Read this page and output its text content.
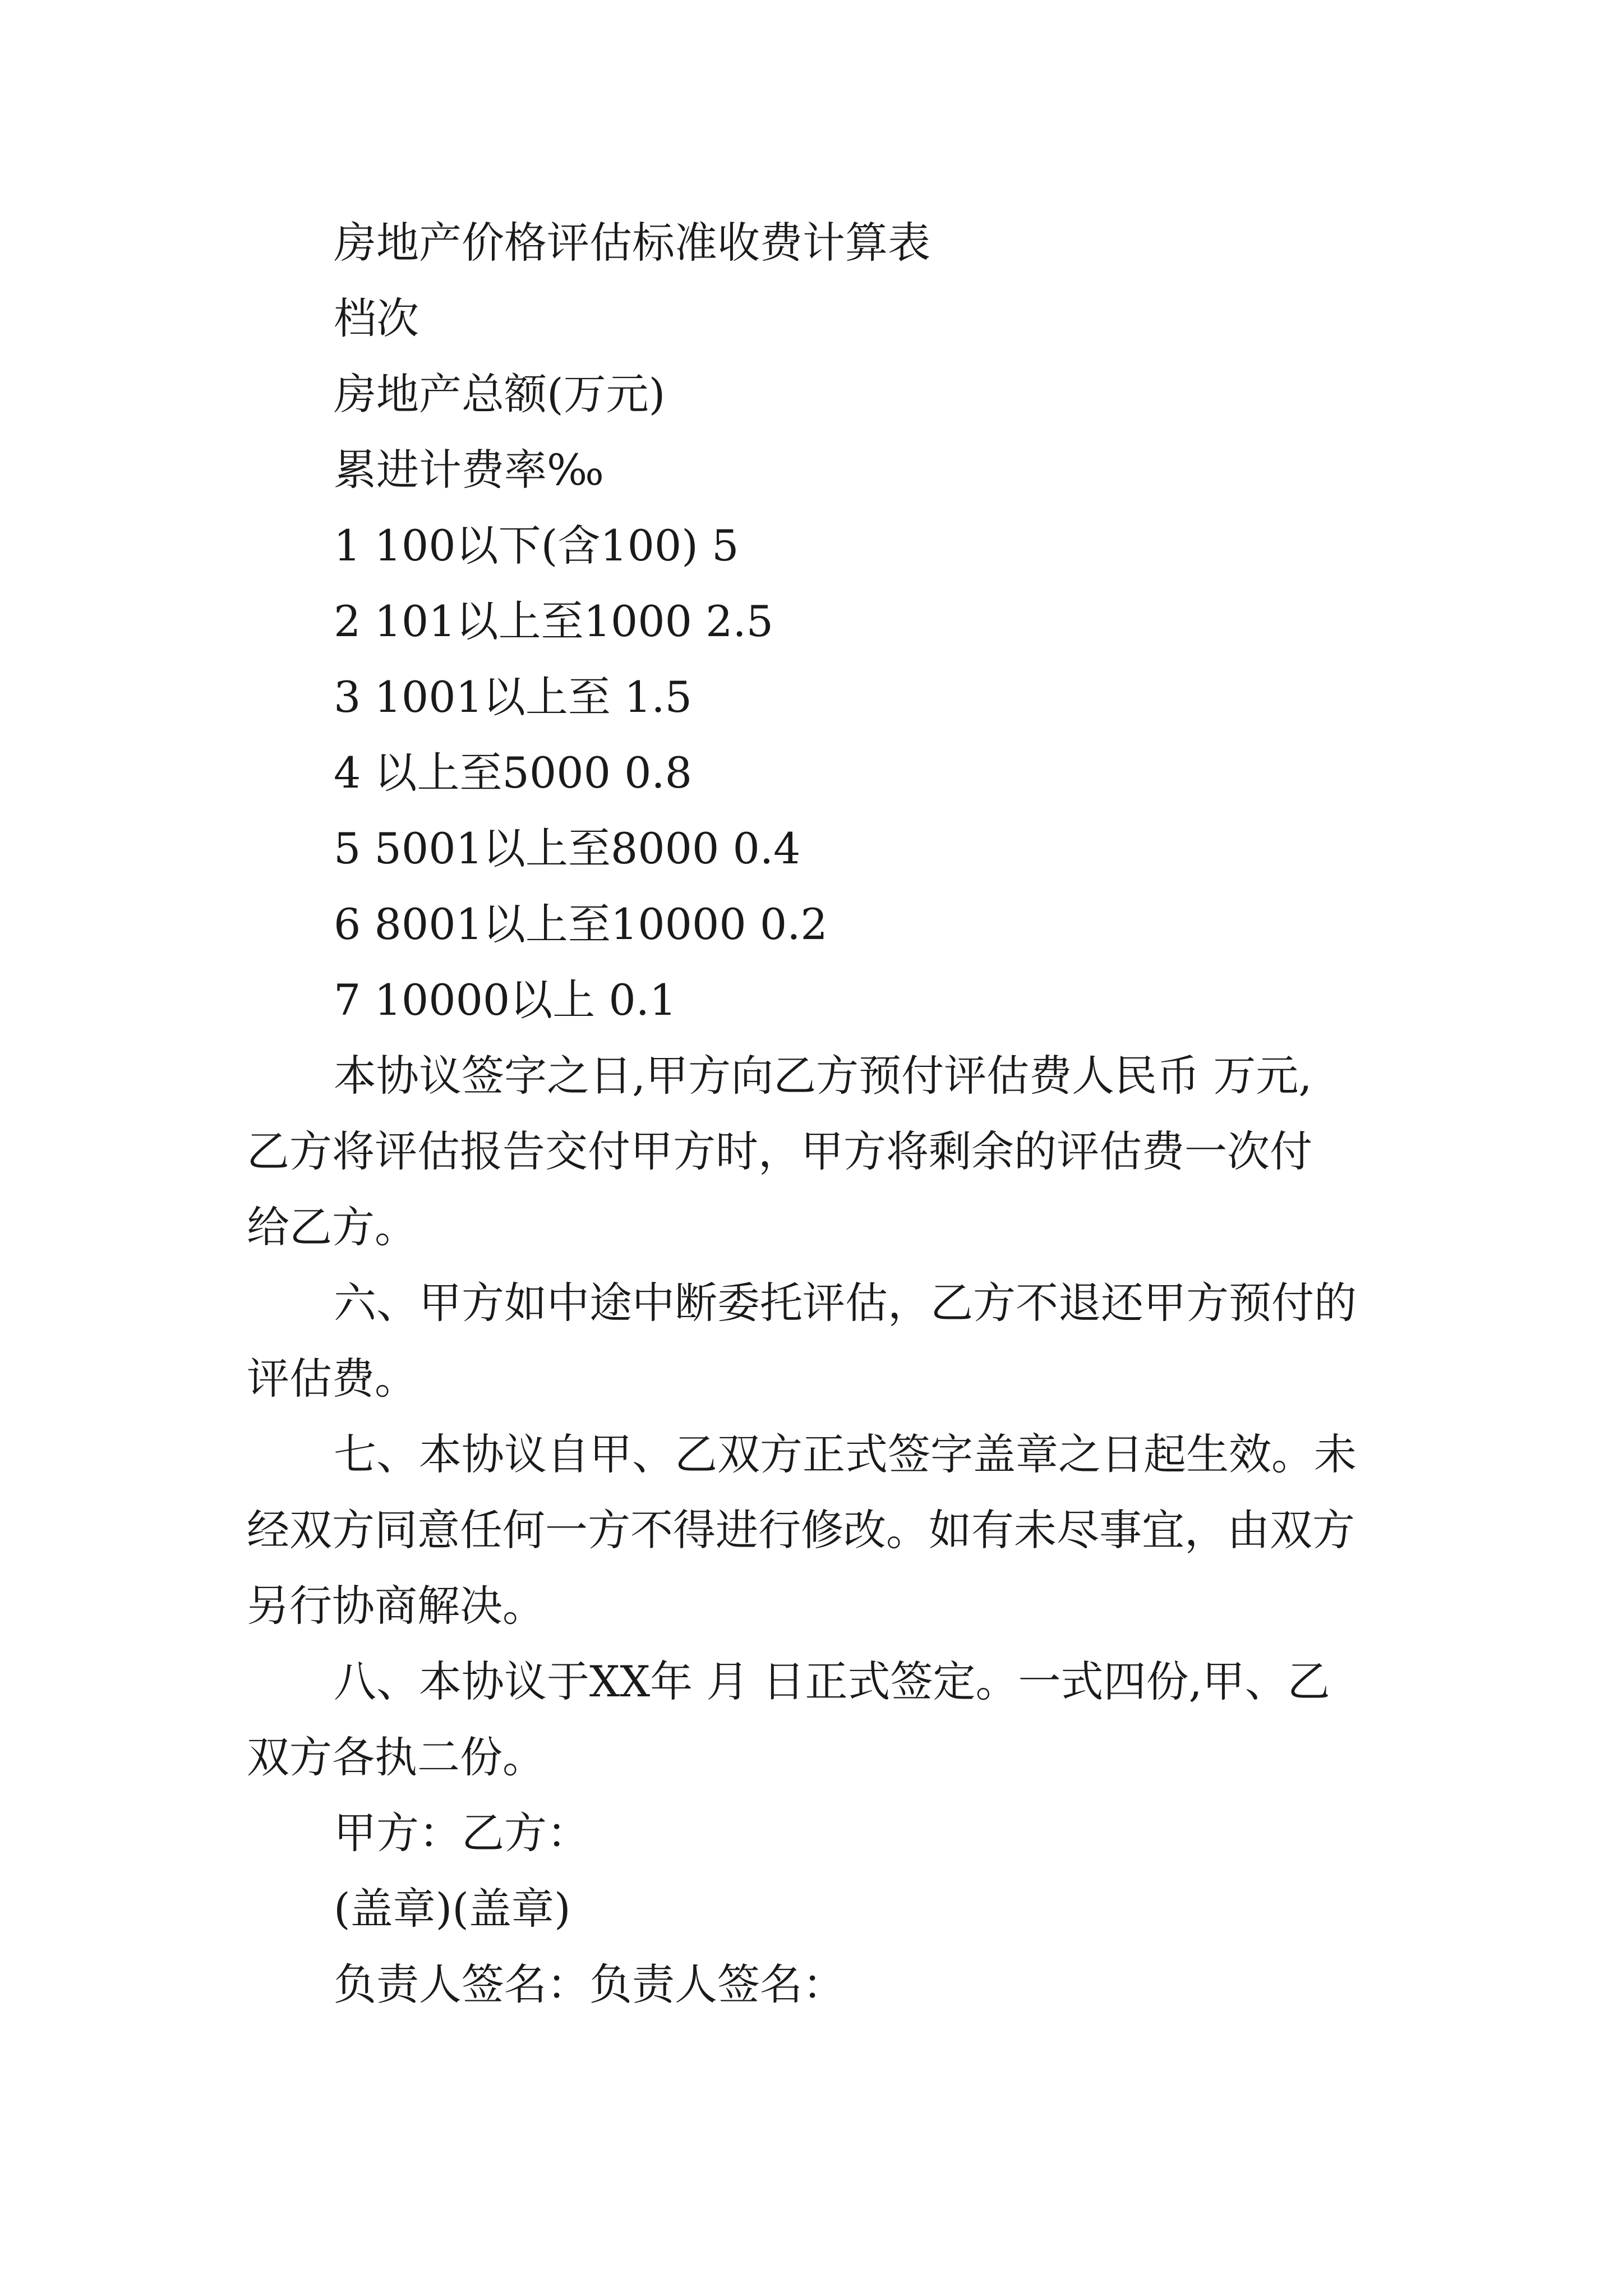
房地产价格评估标准收费计算表

档次

房地产总额(万元)

累进计费率‰

1 100以下(含100) 5

2 101以上至1000 2.5

3 1001以上至 1.5

4 以上至5000 0.8

5 5001以上至8000 0.4

6 8001以上至10000 0.2

7 10000以上 0.1

本协议签字之日,甲方向乙方预付评估费人民币 万元,

乙方将评估报告交付甲方时，甲方将剩余的评估费一次付

给乙方。

六、甲方如中途中断委托评估，乙方不退还甲方预付的

评估费。

七、本协议自甲、乙双方正式签字盖章之日起生效。未

经双方同意任何一方不得进行修改。如有未尽事宜，由双方

另行协商解决。

八、本协议于XX年 月 日正式签定。一式四份,甲、乙

双方各执二份。

甲方：乙方：

(盖章)(盖章)

负责人签名：负责人签名：
